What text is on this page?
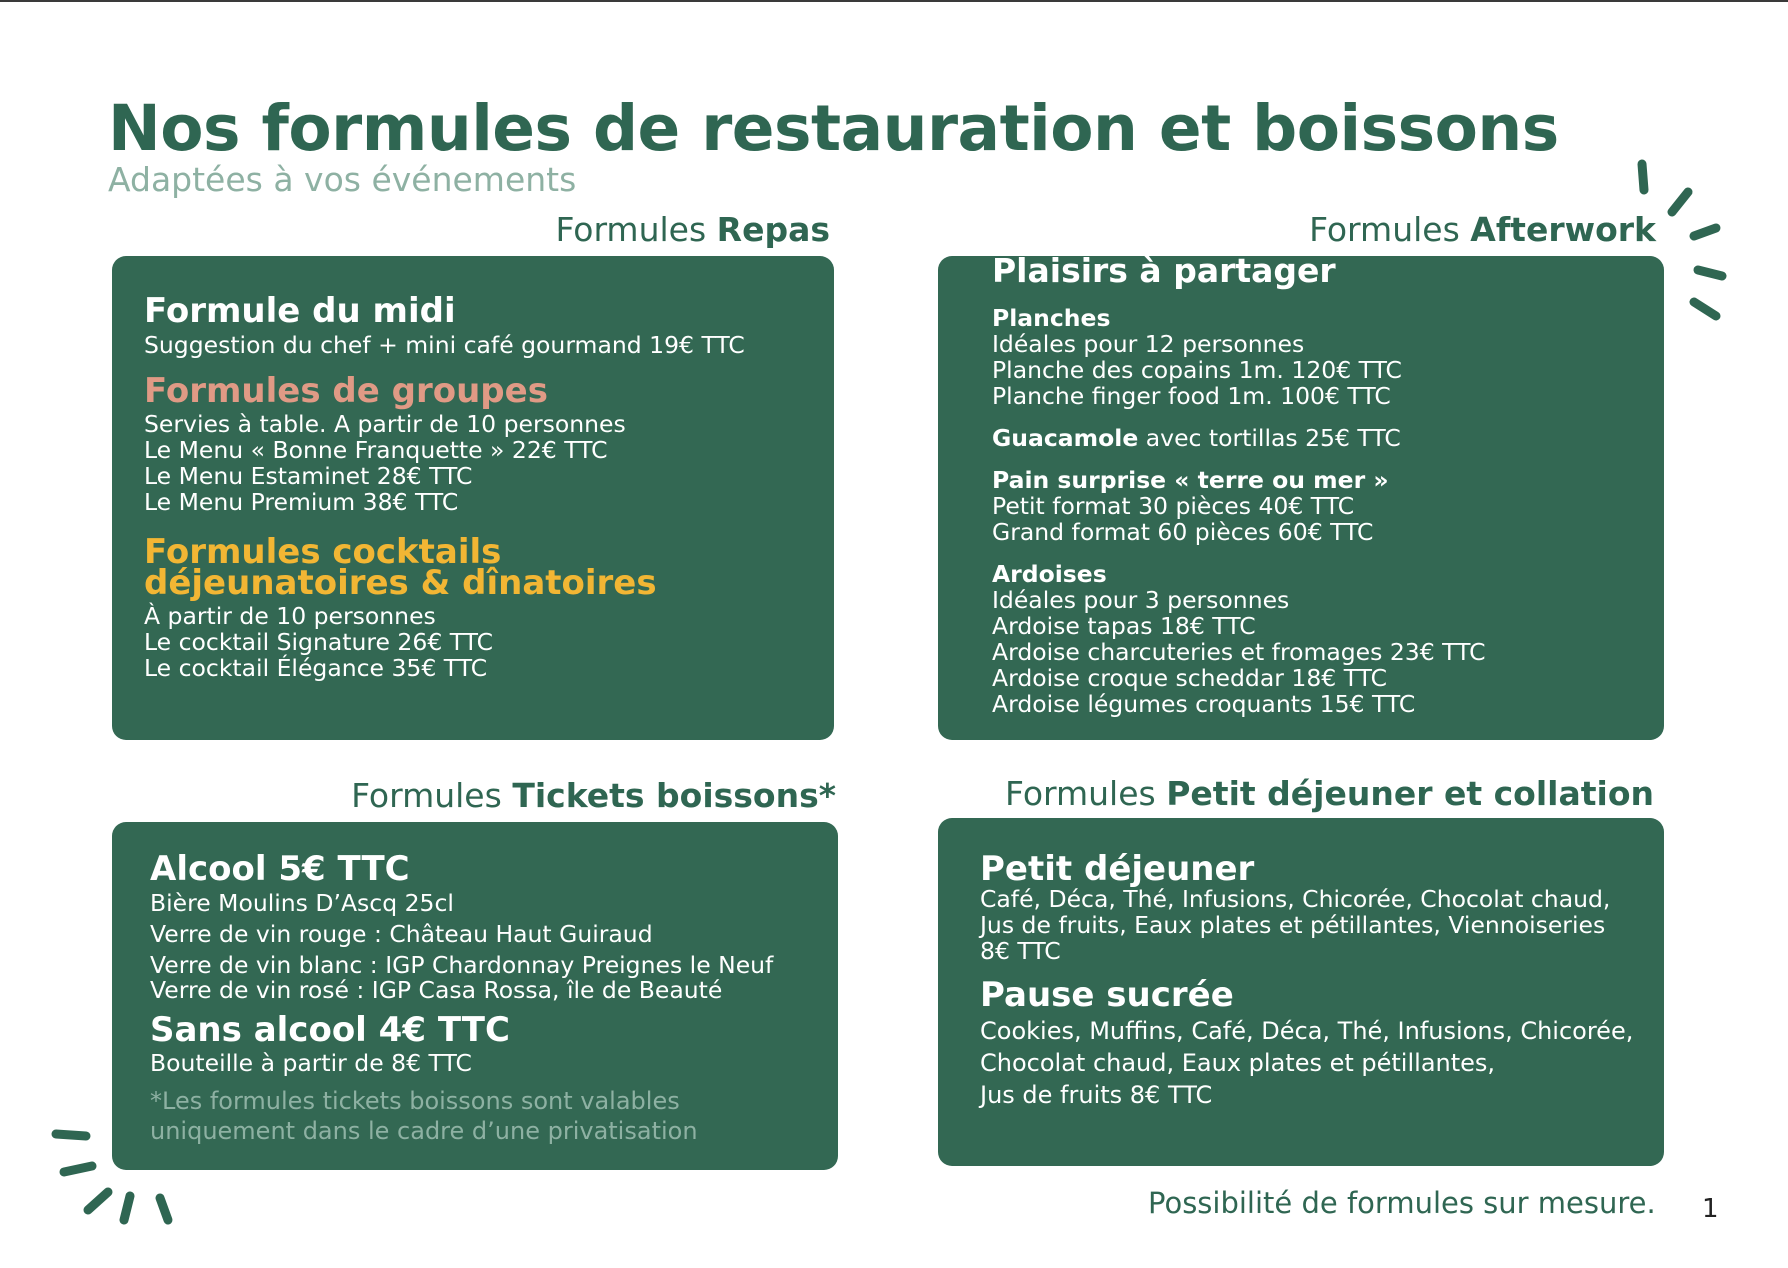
Nos formules de restauration et boissons

Adaptées à vos événements

Formules Repas
Formule du midi

Suggestion du chef + mini café gourmand 19€ TTC

Formules de groupes

Servies à table. A partir de 10 personnes

Le Menu « Bonne Franquette » 22€ TTC

Le Menu Estaminet 28€ TTC

Le Menu Premium 38€ TTC

Formules cocktails
déjeunatoires & dînatoires

À partir de 10 personnes

Le cocktail Signature 26€ TTC

Le cocktail Élégance 35€ TTC

Formules Afterwork
Plaisirs à partager

Planches

Idéales pour 12 personnes

Planche des copains 1m. 120€ TTC

Planche finger food 1m. 100€ TTC

Guacamole avec tortillas 25€ TTC

Pain surprise « terre ou mer »

Petit format 30 pièces 40€ TTC

Grand format 60 pièces 60€ TTC

Ardoises

Idéales pour 3 personnes

Ardoise tapas 18€ TTC

Ardoise charcuteries et fromages 23€ TTC

Ardoise croque scheddar 18€ TTC

Ardoise légumes croquants 15€ TTC

Formules Tickets boissons*
Alcool 5€ TTC

Bière Moulins D’Ascq 25cl

Verre de vin rouge : Château Haut Guiraud

Verre de vin blanc : IGP Chardonnay Preignes le Neuf

Verre de vin rosé : IGP Casa Rossa, île de Beauté

Sans alcool 4€ TTC

Bouteille à partir de 8€ TTC

*Les formules tickets boissons sont valables

uniquement dans le cadre d’une privatisation

Formules Petit déjeuner et collation
Petit déjeuner

Café, Déca, Thé, Infusions, Chicorée, Chocolat chaud,

Jus de fruits, Eaux plates et pétillantes, Viennoiseries

8€ TTC

Pause sucrée

Cookies, Muffins, Café, Déca, Thé, Infusions, Chicorée,

Chocolat chaud, Eaux plates et pétillantes,

Jus de fruits 8€ TTC

Possibilité de formules sur mesure. 1
